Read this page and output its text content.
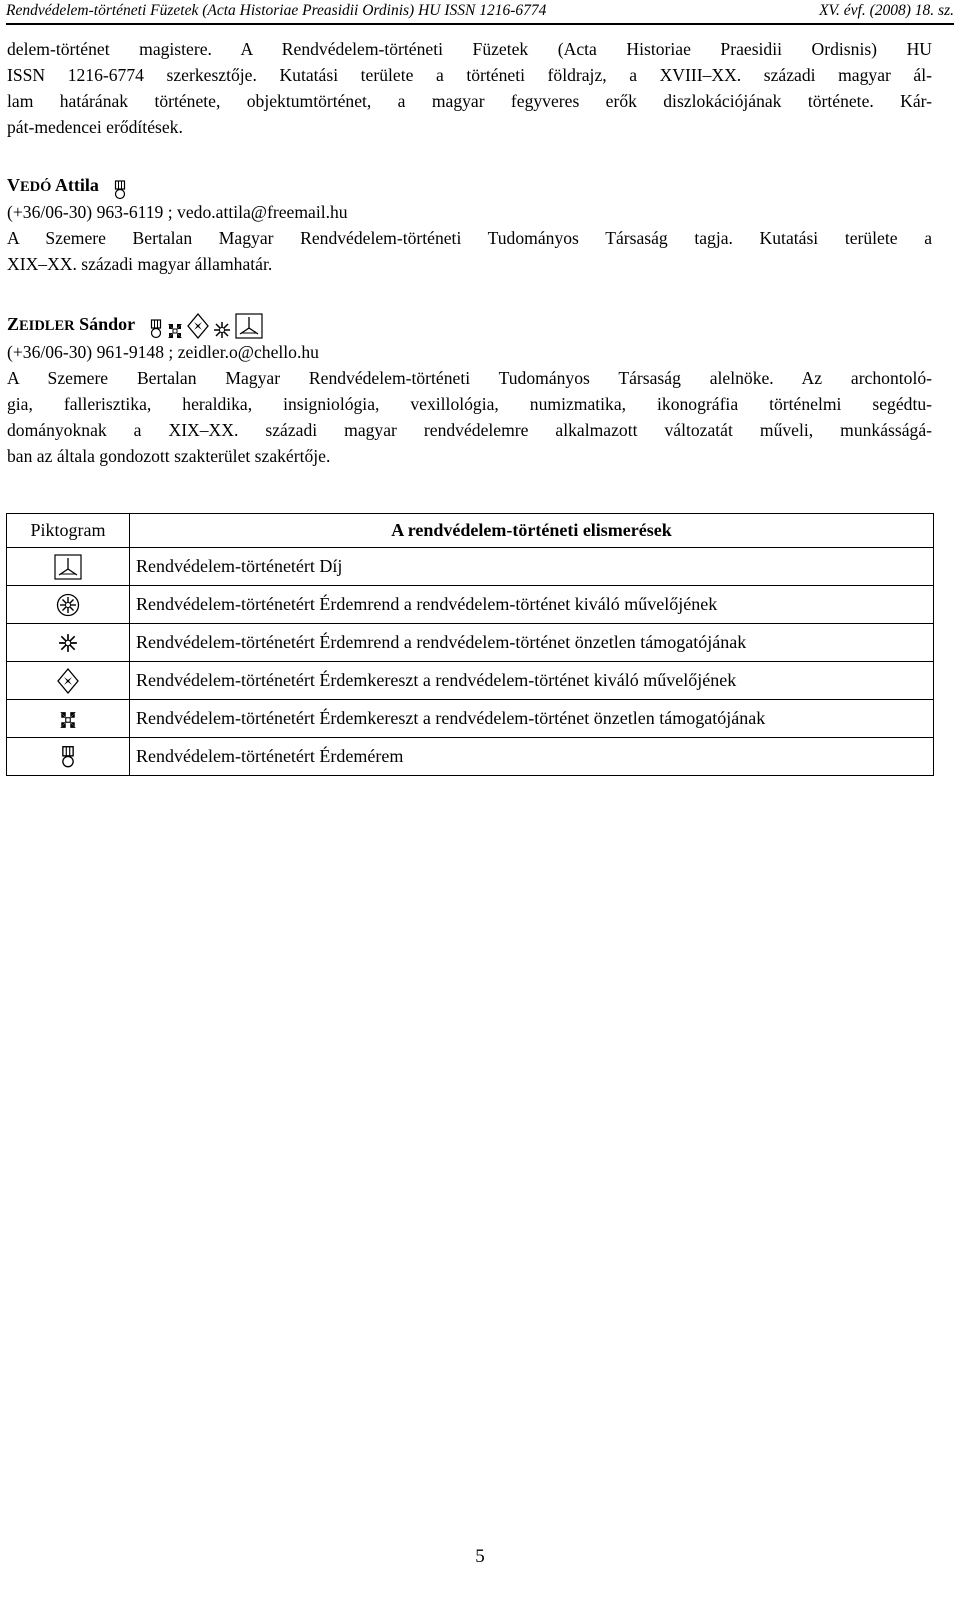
Rendvédelem-történeti Füzetek (Acta Historiae Preasidii Ordinis) HU ISSN 1216-6774	XV. évf. (2008) 18. sz.
delem-történet magistere. A Rendvédelem-történeti Füzetek (Acta Historiae Praesidii Ordisnis) HU
ISSN 1216-6774 szerkesztője. Kutatási területe a történeti földrajz, a XVIII–XX. századi magyar ál-
lam határának története, objektumtörténet, a magyar fegyveres erők diszlokációjának története. Kár-
pát-medencei erődítések.
VEDÓ Attila
(+36/06-30) 963-6119 ; vedo.attila@freemail.hu
A Szemere Bertalan Magyar Rendvédelem-történeti Tudományos Társaság tagja. Kutatási területe a
XIX–XX. századi magyar államhatár.
ZEIDLER Sándor
(+36/06-30) 961-9148 ; zeidler.o@chello.hu
A Szemere Bertalan Magyar Rendvédelem-történeti Tudományos Társaság alelnöke. Az archontoló-
gia, fallerisztika, heraldika, insigniológia, vexillológia, numizmatika, ikonográfia történelmi segédtu-
dományoknak a XIX–XX. századi magyar rendvédelemre alkalmazott változatát műveli, munkásságá-
ban az általa gondozott szakterület szakértője.
Piktogram	A rendvédelem-történeti elismerések
	Rendvédelem-történetért Díj
	Rendvédelem-történetért Érdemrend a rendvédelem-történet kiváló művelőjének
	Rendvédelem-történetért Érdemrend a rendvédelem-történet önzetlen támogatójának
	Rendvédelem-történetért Érdemkereszt a rendvédelem-történet kiváló művelőjének
	Rendvédelem-történetért Érdemkereszt a rendvédelem-történet önzetlen támogatójának
	Rendvédelem-történetért Érdemérem
5
